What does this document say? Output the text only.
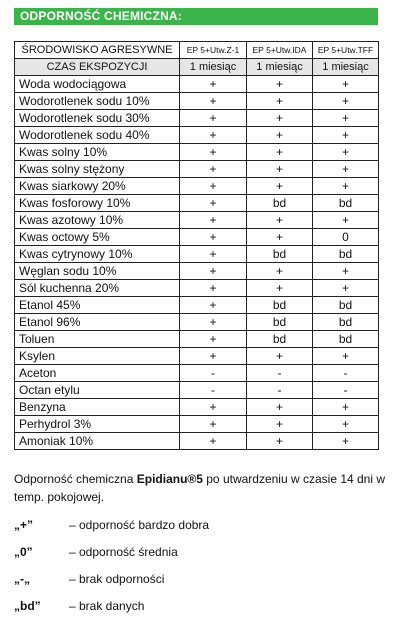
ODPORNOŚĆ CHEMICZNA:
ŚRODOWISKO AGRESYWNE	EP 5+Utw.Z-1	EP 5+Utw.IDA	EP 5+Utw.TFF
CZAS EKSPOZYCJI	1 miesiąc	1 miesiąc	1 miesiąc
Woda wodociągowa	+	+	+
Wodorotlenek sodu 10%	+	+	+
Wodorotlenek sodu 30%	+	+	+
Wodorotlenek sodu 40%	+	+	+
Kwas solny 10%	+	+	+
Kwas solny stężony	+	+	+
Kwas siarkowy 20%	+	+	+
Kwas fosforowy 10%	+	bd	bd
Kwas azotowy 10%	+	+	+
Kwas octowy 5%	+	+	0
Kwas cytrynowy 10%	+	bd	bd
Węglan sodu 10%	+	+	+
Sól kuchenna 20%	+	+	+
Etanol 45%	+	bd	bd
Etanol 96%	+	bd	bd
Toluen	+	bd	bd
Ksylen	+	+	+
Aceton	-	-	-
Octan etylu	-	-	-
Benzyna	+	+	+
Perhydrol 3%	+	+	+
Amoniak 10%	+	+	+
Odporność chemiczna Epidianu®5 po utwardzeniu w czasie 14 dni w temp. pokojowej.
„+”	– odporność bardzo dobra
„0”	– odporność średnia
„-„	– brak odporności
„bd” – brak danych
